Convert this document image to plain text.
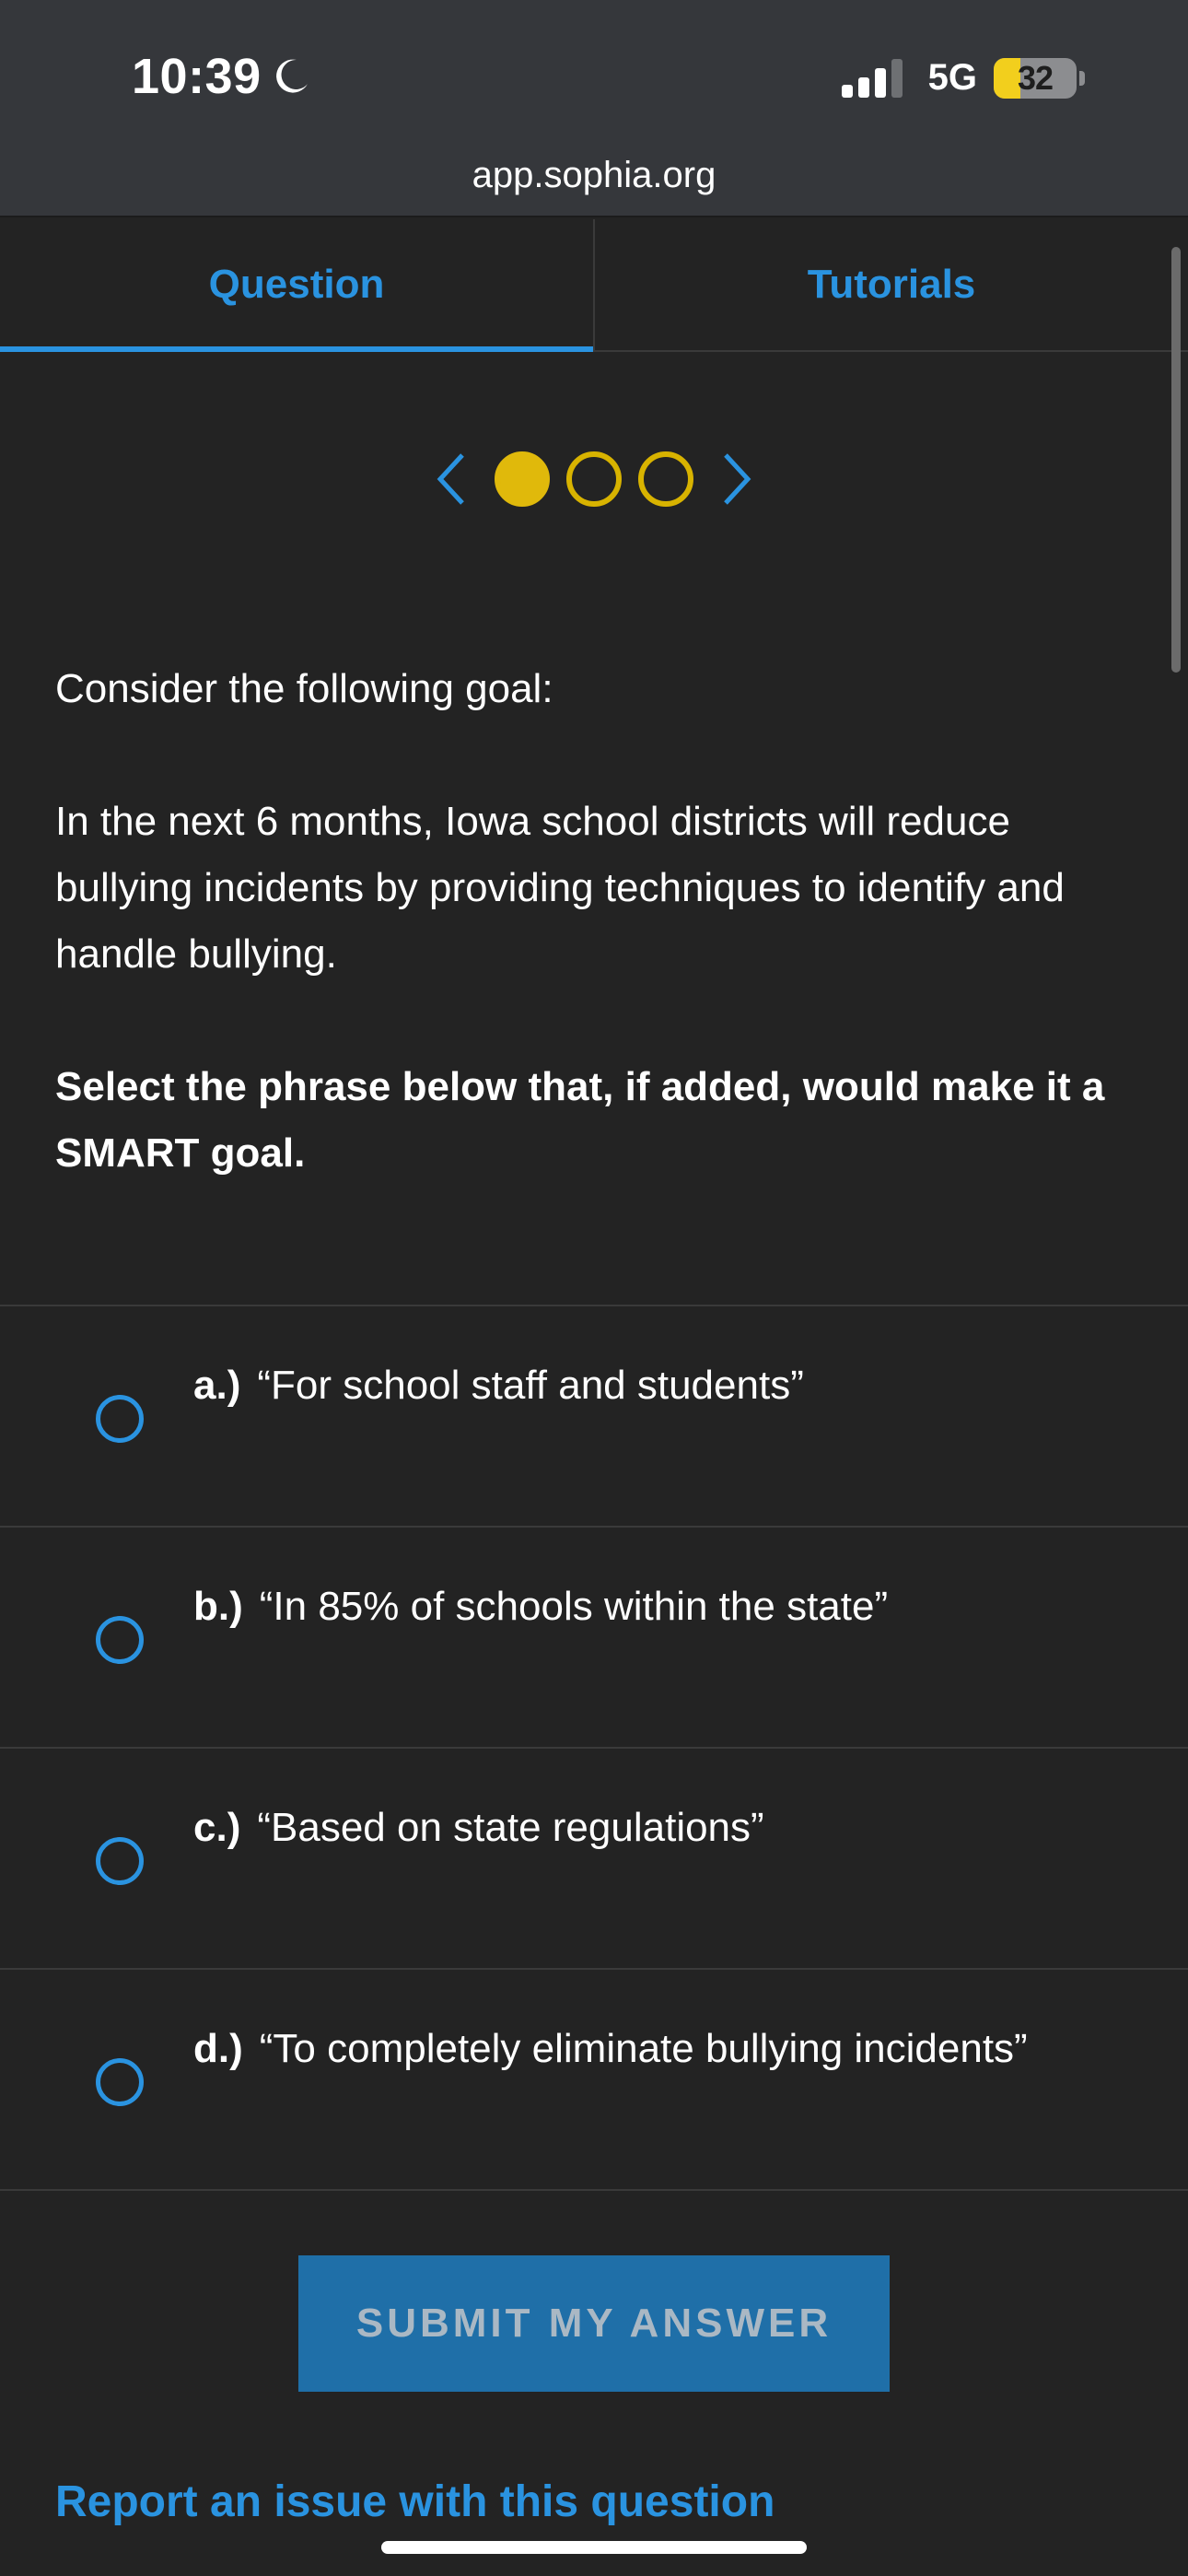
10:39	5G 32
app.sophia.org
Question	Tutorials

Consider the following goal:

In the next 6 months, Iowa school districts will reduce bullying incidents by providing techniques to identify and handle bullying.

Select the phrase below that, if added, would make it a SMART goal.

a.) “For school staff and students”
b.) “In 85% of schools within the state”
c.) “Based on state regulations”
d.) “To completely eliminate bullying incidents”
SUBMIT MY ANSWER
Report an issue with this question
